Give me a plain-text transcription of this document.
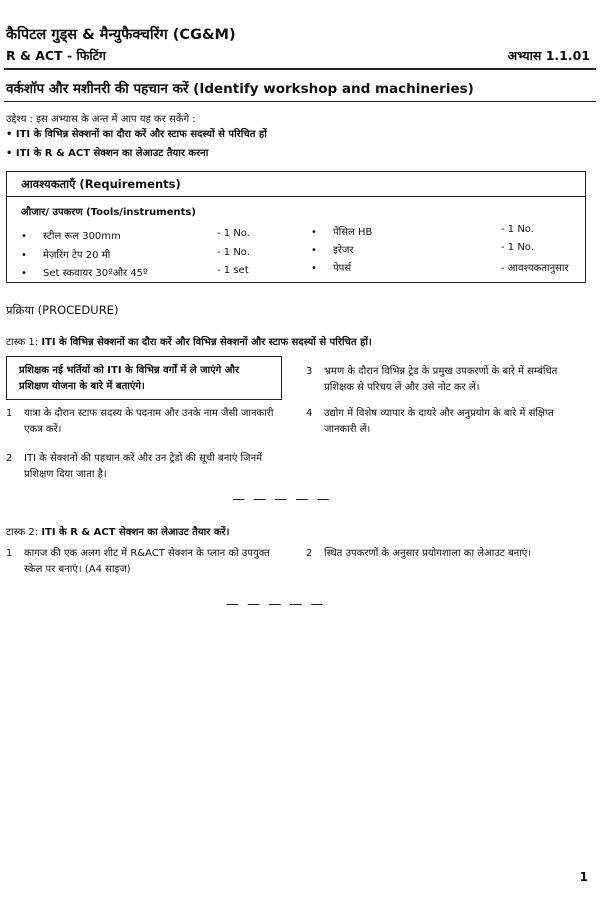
कैपिटल गुड्स & मैन्युफैक्चरिंग (CG&M)
R & ACT - फिटिंग	अभ्यास 1.1.01
वर्कशॉप और मशीनरी की पहचान करें (Identify workshop and machineries)
उद्देश्य : इस अभ्यास के अन्त में आप यह कर सकेंगे :
• ITI के विभिन्न सेक्शनों का दौरा करें और स्टाफ सदस्यों से परिचित हों
• ITI के R & ACT सेक्शन का लेआउट तैयार करना
आवश्यकताएँ (Requirements)
औजार/ उपकरण (Tools/instruments)
• स्टील रूल 300mm	- 1 No.
• मेज़रिंग टेप 20 मी	- 1 No.
• Set स्कवायर 30ºऔर 45º	- 1 set
• पेंसिल HB	- 1 No.
• इरेजर	- 1 No.
• पेपर्स	- आवश्यकतानुसार
प्रक्रिया (PROCEDURE)
टास्क 1: ITI के विभिन्न सेक्शनों का दौरा करें और विभिन्न सेक्शनों और स्टाफ सदस्यों से परिचित हों।
प्रशिक्षक नई भर्तियों को ITI के विभिन्न वर्गों में ले जाएंगे और
प्रशिक्षण योजना के बारे में बताएंगे।
1 यात्रा के दौरान स्टाफ सदस्य के पदनाम और उनके नाम जैसी जानकारी
एकत्र करें।
2 ITI के सेक्शनों की पहचान करें और उन ट्रेडों की सूची बनाएं जिनमें
प्रशिक्षण दिया जाता है।
3 भ्रमण के दौरान विभिन्न ट्रेड के प्रमुख उपकरणों के बारे में सम्बंधित
प्रशिक्षक से परिचय लें और उसे नोट कर लें।
4 उद्योग में विशेष व्यापार के दायरे और अनुप्रयोग के बारे में संक्षिप्त
जानकारी लें।
— — — — —
टास्क 2: ITI के R & ACT सेक्शन का लेआउट तैयार करें।
1 कागज की एक अलग शीट में R&ACT सेक्शन के प्लान को उपयुक्त
स्केल पर बनाएं। (A4 साइज)
2 स्थित उपकरणों के अनुसार प्रयोगशाला का लेआउट बनाएं।
— — — — —
1
